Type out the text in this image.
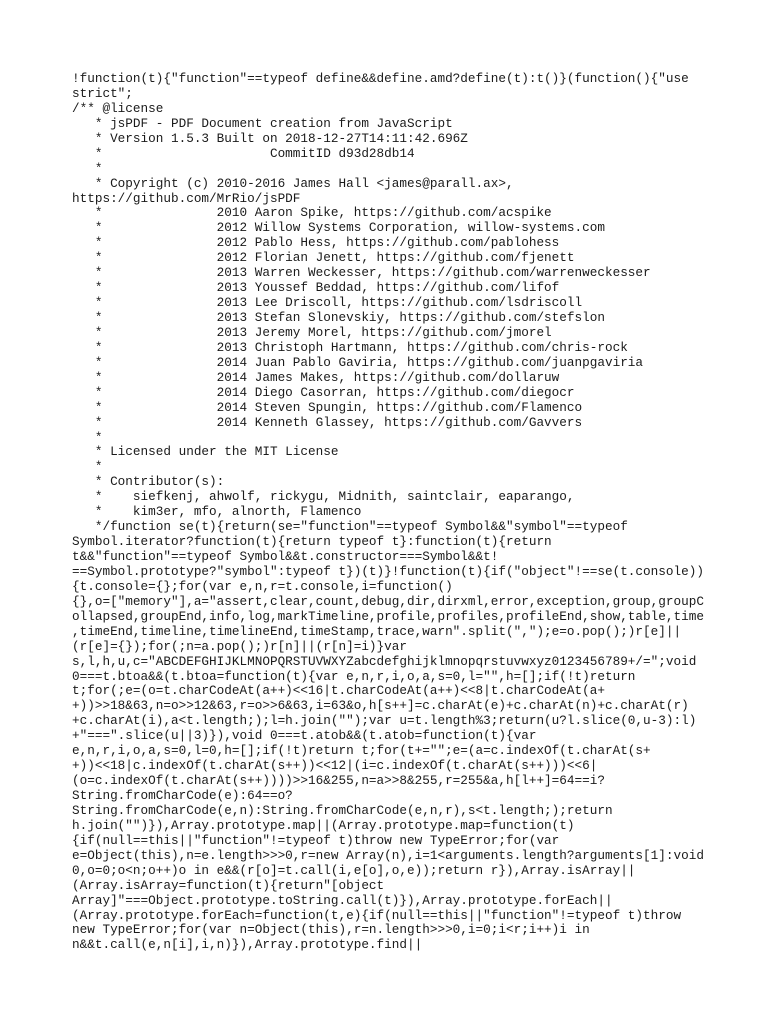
!function(t){"function"==typeof define&&define.amd?define(t):t()}(function(){"use
strict";
/** @license
* jsPDF - PDF Document creation from JavaScript
* Version 1.5.3 Built on 2018-12-27T14:11:42.696Z
*                      CommitID d93d28db14
*
* Copyright (c) 2010-2016 James Hall <james@parall.ax>,
https://github.com/MrRio/jsPDF
*               2010 Aaron Spike, https://github.com/acspike
*               2012 Willow Systems Corporation, willow-systems.com
*               2012 Pablo Hess, https://github.com/pablohess
*               2012 Florian Jenett, https://github.com/fjenett
*               2013 Warren Weckesser, https://github.com/warrenweckesser
*               2013 Youssef Beddad, https://github.com/lifof
*               2013 Lee Driscoll, https://github.com/lsdriscoll
*               2013 Stefan Slonevskiy, https://github.com/stefslon
*               2013 Jeremy Morel, https://github.com/jmorel
*               2013 Christoph Hartmann, https://github.com/chris-rock
*               2014 Juan Pablo Gaviria, https://github.com/juanpgaviria
*               2014 James Makes, https://github.com/dollaruw
*               2014 Diego Casorran, https://github.com/diegocr
*               2014 Steven Spungin, https://github.com/Flamenco
*               2014 Kenneth Glassey, https://github.com/Gavvers
*
* Licensed under the MIT License
*
* Contributor(s):
*    siefkenj, ahwolf, rickygu, Midnith, saintclair, eaparango,
*    kim3er, mfo, alnorth, Flamenco
*/function se(t){return(se="function"==typeof Symbol&&"symbol"==typeof
Symbol.iterator?function(t){return typeof t}:function(t){return
t&&"function"==typeof Symbol&&t.constructor===Symbol&&t!
==Symbol.prototype?"symbol":typeof t})(t)}!function(t){if("object"!==se(t.console))
{t.console={};for(var e,n,r=t.console,i=function()
{},o=["memory"],a="assert,clear,count,debug,dir,dirxml,error,exception,group,groupC
ollapsed,groupEnd,info,log,markTimeline,profile,profiles,profileEnd,show,table,time
,timeEnd,timeline,timelineEnd,timeStamp,trace,warn".split(",");e=o.pop();)r[e]||
(r[e]={});for(;n=a.pop();)r[n]||(r[n]=i)}var
s,l,h,u,c="ABCDEFGHIJKLMNOPQRSTUVWXYZabcdefghijklmnopqrstuvwxyz0123456789+/=";void
0===t.btoa&&(t.btoa=function(t){var e,n,r,i,o,a,s=0,l="",h=[];if(!t)return
t;for(;e=(o=t.charCodeAt(a++)<<16|t.charCodeAt(a++)<<8|t.charCodeAt(a+
+))>>18&63,n=o>>12&63,r=o>>6&63,i=63&o,h[s++]=c.charAt(e)+c.charAt(n)+c.charAt(r)
+c.charAt(i),a<t.length;);l=h.join("");var u=t.length%3;return(u?l.slice(0,u-3):l)
+"===".slice(u||3)}),void 0===t.atob&&(t.atob=function(t){var
e,n,r,i,o,a,s=0,l=0,h=[];if(!t)return t;for(t+="";e=(a=c.indexOf(t.charAt(s+
+))<<18|c.indexOf(t.charAt(s++))<<12|(i=c.indexOf(t.charAt(s++)))<<6|
(o=c.indexOf(t.charAt(s++))))>>16&255,n=a>>8&255,r=255&a,h[l++]=64==i?
String.fromCharCode(e):64==o?
String.fromCharCode(e,n):String.fromCharCode(e,n,r),s<t.length;);return
h.join("")}),Array.prototype.map||(Array.prototype.map=function(t)
{if(null==this||"function"!=typeof t)throw new TypeError;for(var
e=Object(this),n=e.length>>>0,r=new Array(n),i=1<arguments.length?arguments[1]:void
0,o=0;o<n;o++)o in e&&(r[o]=t.call(i,e[o],o,e));return r}),Array.isArray||
(Array.isArray=function(t){return"[object
Array]"===Object.prototype.toString.call(t)}),Array.prototype.forEach||
(Array.prototype.forEach=function(t,e){if(null==this||"function"!=typeof t)throw
new TypeError;for(var n=Object(this),r=n.length>>>0,i=0;i<r;i++)i in
n&&t.call(e,n[i],i,n)}),Array.prototype.find||
